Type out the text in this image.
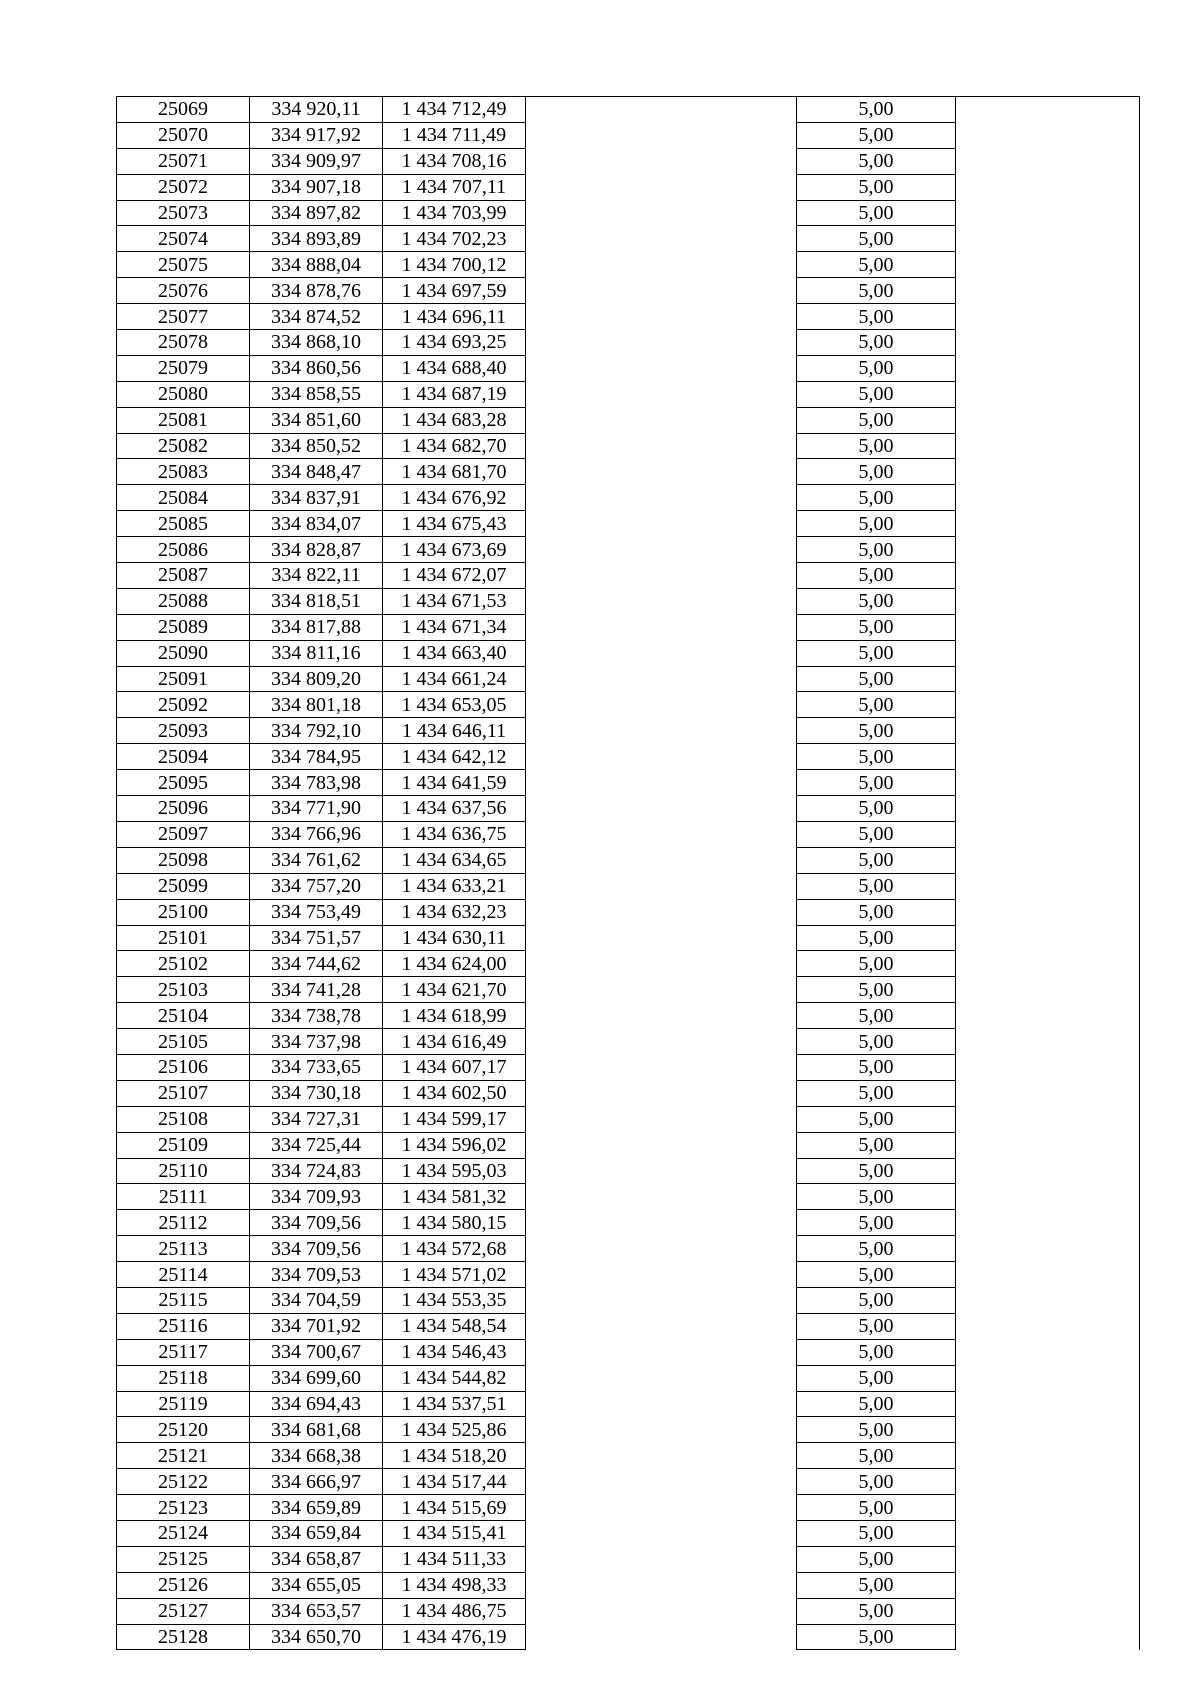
25069	334 920,11	1 434 712,49		5,00	
25070	334 917,92	1 434 711,49		5,00	
25071	334 909,97	1 434 708,16		5,00	
25072	334 907,18	1 434 707,11		5,00	
25073	334 897,82	1 434 703,99		5,00	
25074	334 893,89	1 434 702,23		5,00	
25075	334 888,04	1 434 700,12		5,00	
25076	334 878,76	1 434 697,59		5,00	
25077	334 874,52	1 434 696,11		5,00	
25078	334 868,10	1 434 693,25		5,00	
25079	334 860,56	1 434 688,40		5,00	
25080	334 858,55	1 434 687,19		5,00	
25081	334 851,60	1 434 683,28		5,00	
25082	334 850,52	1 434 682,70		5,00	
25083	334 848,47	1 434 681,70		5,00	
25084	334 837,91	1 434 676,92		5,00	
25085	334 834,07	1 434 675,43		5,00	
25086	334 828,87	1 434 673,69		5,00	
25087	334 822,11	1 434 672,07		5,00	
25088	334 818,51	1 434 671,53		5,00	
25089	334 817,88	1 434 671,34		5,00	
25090	334 811,16	1 434 663,40		5,00	
25091	334 809,20	1 434 661,24		5,00	
25092	334 801,18	1 434 653,05		5,00	
25093	334 792,10	1 434 646,11		5,00	
25094	334 784,95	1 434 642,12		5,00	
25095	334 783,98	1 434 641,59		5,00	
25096	334 771,90	1 434 637,56		5,00	
25097	334 766,96	1 434 636,75		5,00	
25098	334 761,62	1 434 634,65		5,00	
25099	334 757,20	1 434 633,21		5,00	
25100	334 753,49	1 434 632,23		5,00	
25101	334 751,57	1 434 630,11		5,00	
25102	334 744,62	1 434 624,00		5,00	
25103	334 741,28	1 434 621,70		5,00	
25104	334 738,78	1 434 618,99		5,00	
25105	334 737,98	1 434 616,49		5,00	
25106	334 733,65	1 434 607,17		5,00	
25107	334 730,18	1 434 602,50		5,00	
25108	334 727,31	1 434 599,17		5,00	
25109	334 725,44	1 434 596,02		5,00	
25110	334 724,83	1 434 595,03		5,00	
25111	334 709,93	1 434 581,32		5,00	
25112	334 709,56	1 434 580,15		5,00	
25113	334 709,56	1 434 572,68		5,00	
25114	334 709,53	1 434 571,02		5,00	
25115	334 704,59	1 434 553,35		5,00	
25116	334 701,92	1 434 548,54		5,00	
25117	334 700,67	1 434 546,43		5,00	
25118	334 699,60	1 434 544,82		5,00	
25119	334 694,43	1 434 537,51		5,00	
25120	334 681,68	1 434 525,86		5,00	
25121	334 668,38	1 434 518,20		5,00	
25122	334 666,97	1 434 517,44		5,00	
25123	334 659,89	1 434 515,69		5,00	
25124	334 659,84	1 434 515,41		5,00	
25125	334 658,87	1 434 511,33		5,00	
25126	334 655,05	1 434 498,33		5,00	
25127	334 653,57	1 434 486,75		5,00	
25128	334 650,70	1 434 476,19		5,00	
